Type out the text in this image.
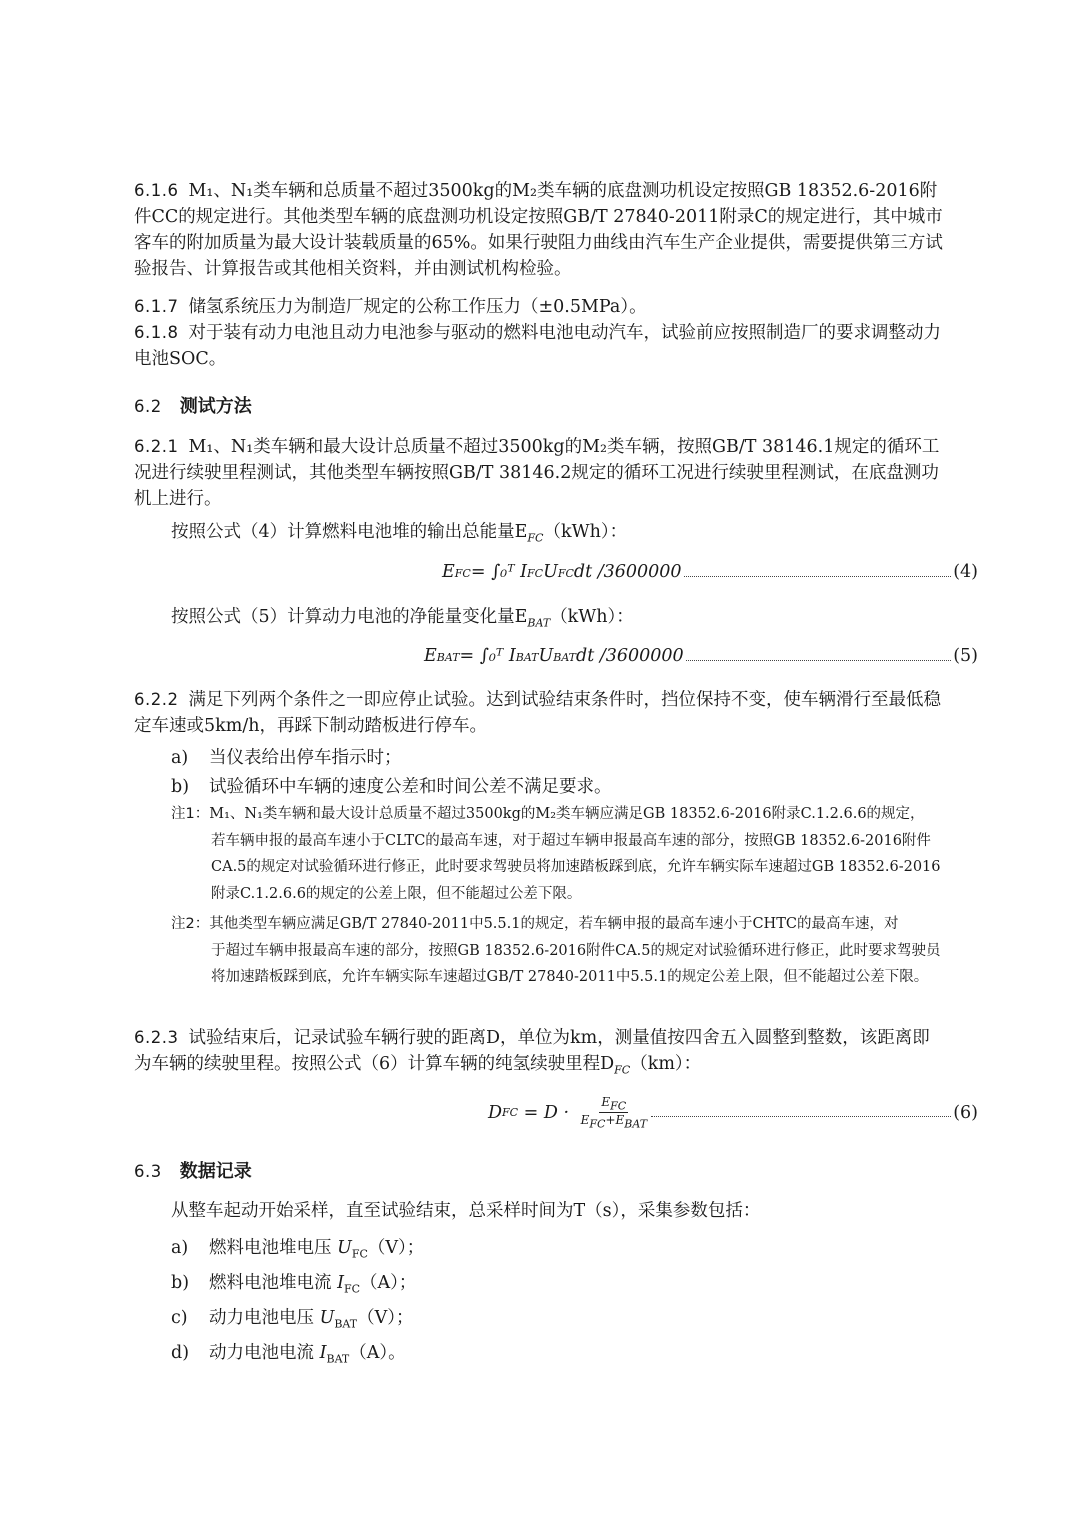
6.1.6 M₁、N₁类车辆和总质量不超过3500kg的M₂类车辆的底盘测功机设定按照GB 18352.6-2016附件CC的规定进行。其他类型车辆的底盘测功机设定按照GB/T 27840-2011附录C的规定进行，其中城市客车的附加质量为最大设计装载质量的65%。如果行驶阻力曲线由汽车生产企业提供，需要提供第三方试验报告、计算报告或其他相关资料，并由测试机构检验。

6.1.7 储氢系统压力为制造厂规定的公称工作压力（±0.5MPa）。

6.1.8 对于装有动力电池且动力电池参与驱动的燃料电池电动汽车，试验前应按照制造厂的要求调整动力电池SOC。

6.2 测试方法

6.2.1 M₁、N₁类车辆和最大设计总质量不超过3500kg的M₂类车辆，按照GB/T 38146.1规定的循环工况进行续驶里程测试，其他类型车辆按照GB/T 38146.2规定的循环工况进行续驶里程测试，在底盘测功机上进行。

按照公式（4）计算燃料电池堆的输出总能量$E_{FC}(kWh)$：
E FC = ∫₀ᵀ I FC U FC dt /3600000	(4)
按照公式（5）计算动力电池的净能量变化量$E_{BAT}(kWh)$：
E BAT = ∫₀ᵀ I BAT U BAT dt /3600000	(5)

6.2.2 满足下列两个条件之一即应停止试验。达到试验结束条件时，挡位保持不变，使车辆滑行至最低稳定车速或5km/h，再踩下制动踏板进行停车。

a) 当仪表给出停车指示时；
b) 试验循环中车辆的速度公差和时间公差不满足要求。

注1：M₁、N₁类车辆和最大设计总质量不超过3500kg的M₂类车辆应满足GB 18352.6-2016附录C.1.2.6.6的规定，
若车辆申报的最高车速小于CLTC的最高车速，对于超过车辆申报最高车速的部分，按照GB 18352.6-2016附件CA.5的规定对试验循环进行修正，此时要求驾驶员将加速踏板踩到底，允许车辆实际车速超过GB 18352.6-2016附录C.1.2.6.6的规定的公差上限，但不能超过公差下限。

注2：其他类型车辆应满足GB/T 27840-2011中5.5.1的规定，若车辆申报的最高车速小于CHTC的最高车速，对
于超过车辆申报最高车速的部分，按照GB 18352.6-2016附件CA.5的规定对试验循环进行修正，此时要求驾驶员将加速踏板踩到底，允许车辆实际车速超过GB/T 27840-2011中5.5.1的规定公差上限，但不能超过公差下限。

6.2.3 试验结束后，记录试验车辆行驶的距离D，单位为km，测量值按四舍五入圆整到整数，该距离即为车辆的续驶里程。按照公式（6）计算车辆的纯氢续驶里程$D_{FC}(km)$：

D FC = $D \cdot \frac{E_{FC}}{E_{FC}+E_{BAT}}$	(6)
6.3 数据记录
从整车起动开始采样，直至试验结束，总采样时间为T（s），采集参数包括：
a) 燃料电池堆电压 $U_{FC}(V)$；
b) 燃料电池堆电流 $I_{FC}(A)$；
c) 动力电池电压 $U_{BAT}(V)$；
d) 动力电池电流 $I_{BAT}(A)$。
